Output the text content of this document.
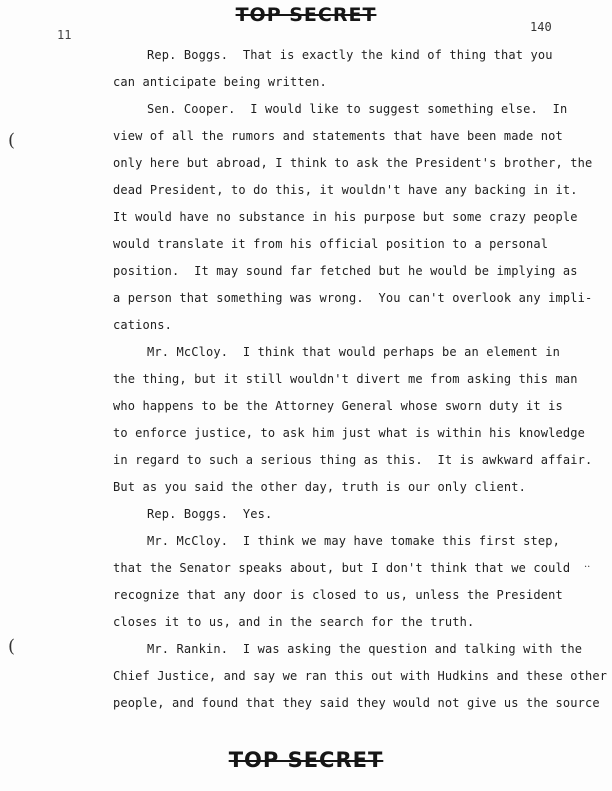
TOP SECRET
11
140
(
(
..
Rep. Boggs.  That is exactly the kind of thing that you
can anticipate being written.
Sen. Cooper.  I would like to suggest something else.  In
view of all the rumors and statements that have been made not
only here but abroad, I think to ask the President's brother, the
dead President, to do this, it wouldn't have any backing in it.
It would have no substance in his purpose but some crazy people
would translate it from his official position to a personal
position.  It may sound far fetched but he would be implying as
a person that something was wrong.  You can't overlook any impli-
cations.
Mr. McCloy.  I think that would perhaps be an element in
the thing, but it still wouldn't divert me from asking this man
who happens to be the Attorney General whose sworn duty it is
to enforce justice, to ask him just what is within his knowledge
in regard to such a serious thing as this.  It is awkward affair.
But as you said the other day, truth is our only client.
Rep. Boggs.  Yes.
Mr. McCloy.  I think we may have tomake this first step,
that the Senator speaks about, but I don't think that we could
recognize that any door is closed to us, unless the President
closes it to us, and in the search for the truth.
Mr. Rankin.  I was asking the question and talking with the
Chief Justice, and say we ran this out with Hudkins and these other
people, and found that they said they would not give us the source
TOP SECRET
